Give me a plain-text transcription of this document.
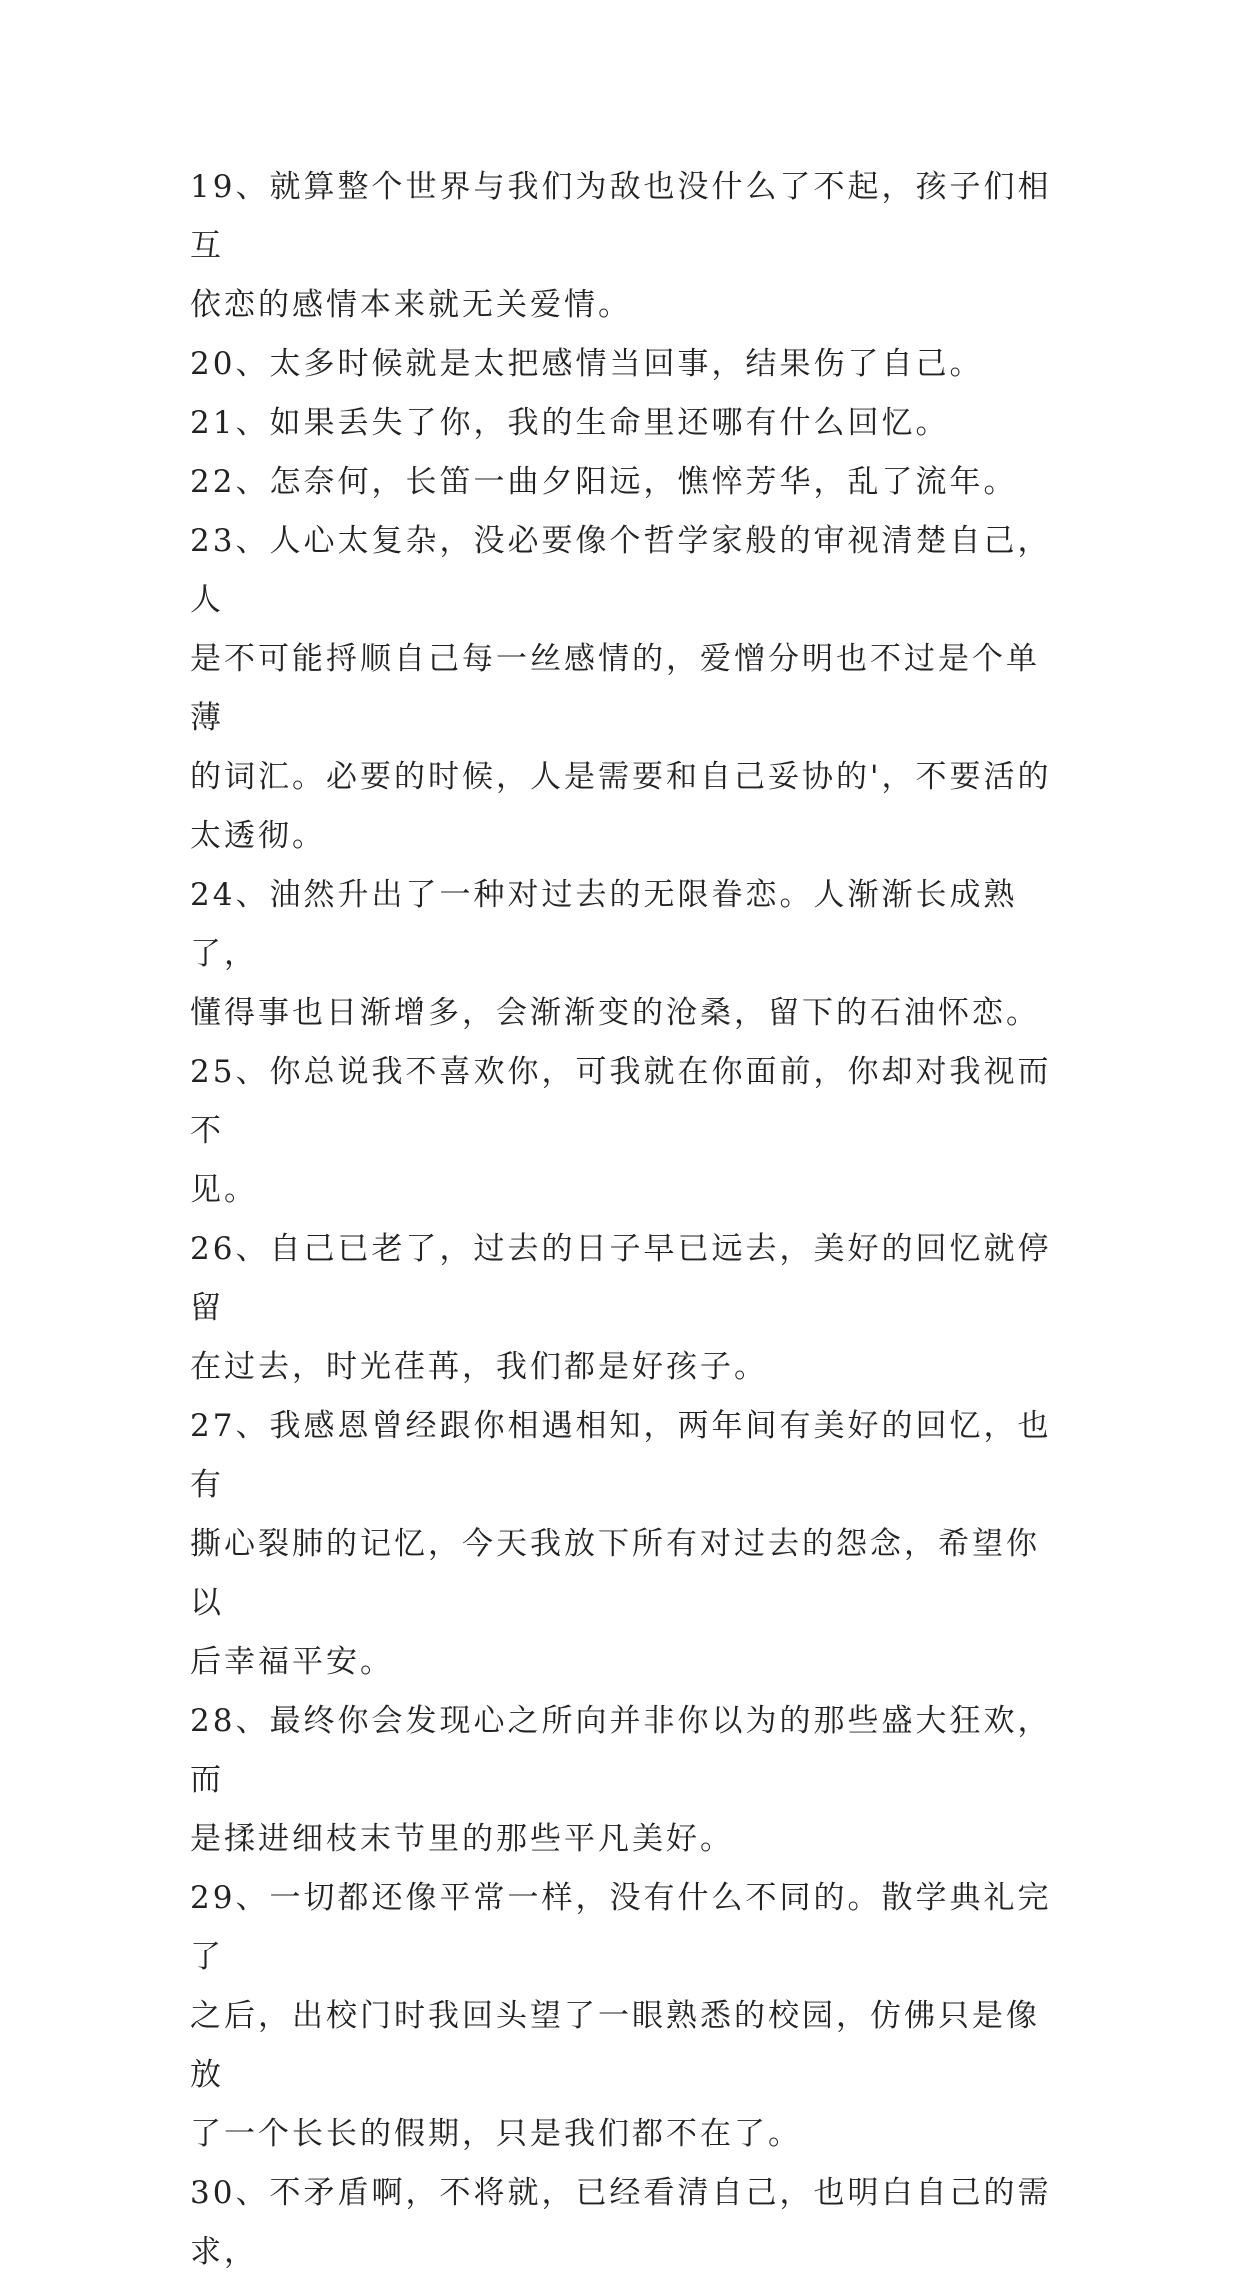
19、就算整个世界与我们为敌也没什么了不起，孩子们相互
依恋的感情本来就无关爱情。

20、太多时候就是太把感情当回事，结果伤了自己。

21、如果丢失了你，我的生命里还哪有什么回忆。

22、怎奈何，长笛一曲夕阳远，憔悴芳华，乱了流年。

23、人心太复杂，没必要像个哲学家般的审视清楚自己，人
是不可能捋顺自己每一丝感情的，爱憎分明也不过是个单薄
的词汇。必要的时候，人是需要和自己妥协的'，不要活的
太透彻。

24、油然升出了一种对过去的无限眷恋。人渐渐长成熟了，
懂得事也日渐增多，会渐渐变的沧桑，留下的石油怀恋。

25、你总说我不喜欢你，可我就在你面前，你却对我视而不
见。

26、自己已老了，过去的日子早已远去，美好的回忆就停留
在过去，时光荏苒，我们都是好孩子。

27、我感恩曾经跟你相遇相知，两年间有美好的回忆，也有
撕心裂肺的记忆，今天我放下所有对过去的怨念，希望你以
后幸福平安。

28、最终你会发现心之所向并非你以为的那些盛大狂欢，而
是揉进细枝末节里的那些平凡美好。

29、一切都还像平常一样，没有什么不同的。散学典礼完了
之后，出校门时我回头望了一眼熟悉的校园，仿佛只是像放
了一个长长的假期，只是我们都不在了。

30、不矛盾啊，不将就，已经看清自己，也明白自己的需求，
